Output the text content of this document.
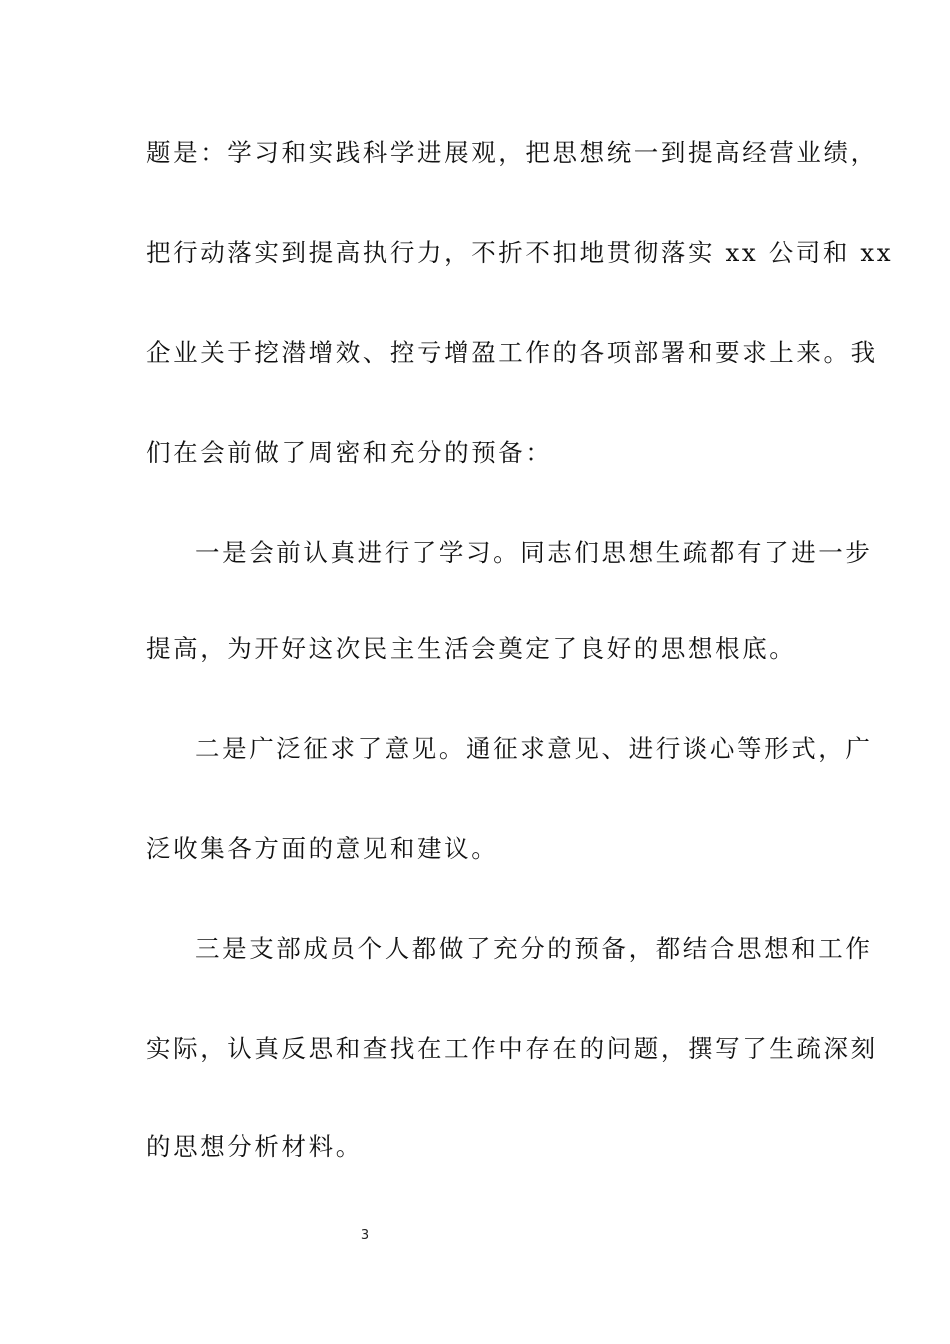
题是：学习和实践科学进展观，把思想统一到提高经营业绩，
把行动落实到提高执行力，不折不扣地贯彻落实 xx 公司和 xx
企业关于挖潜增效、控亏增盈工作的各项部署和要求上来。我
们在会前做了周密和充分的预备：
一是会前认真进行了学习。同志们思想生疏都有了进一步
提高，为开好这次民主生活会奠定了良好的思想根底。
二是广泛征求了意见。通征求意见、进行谈心等形式，广
泛收集各方面的意见和建议。
三是支部成员个人都做了充分的预备，都结合思想和工作
实际，认真反思和查找在工作中存在的问题，撰写了生疏深刻
的思想分析材料。
3
